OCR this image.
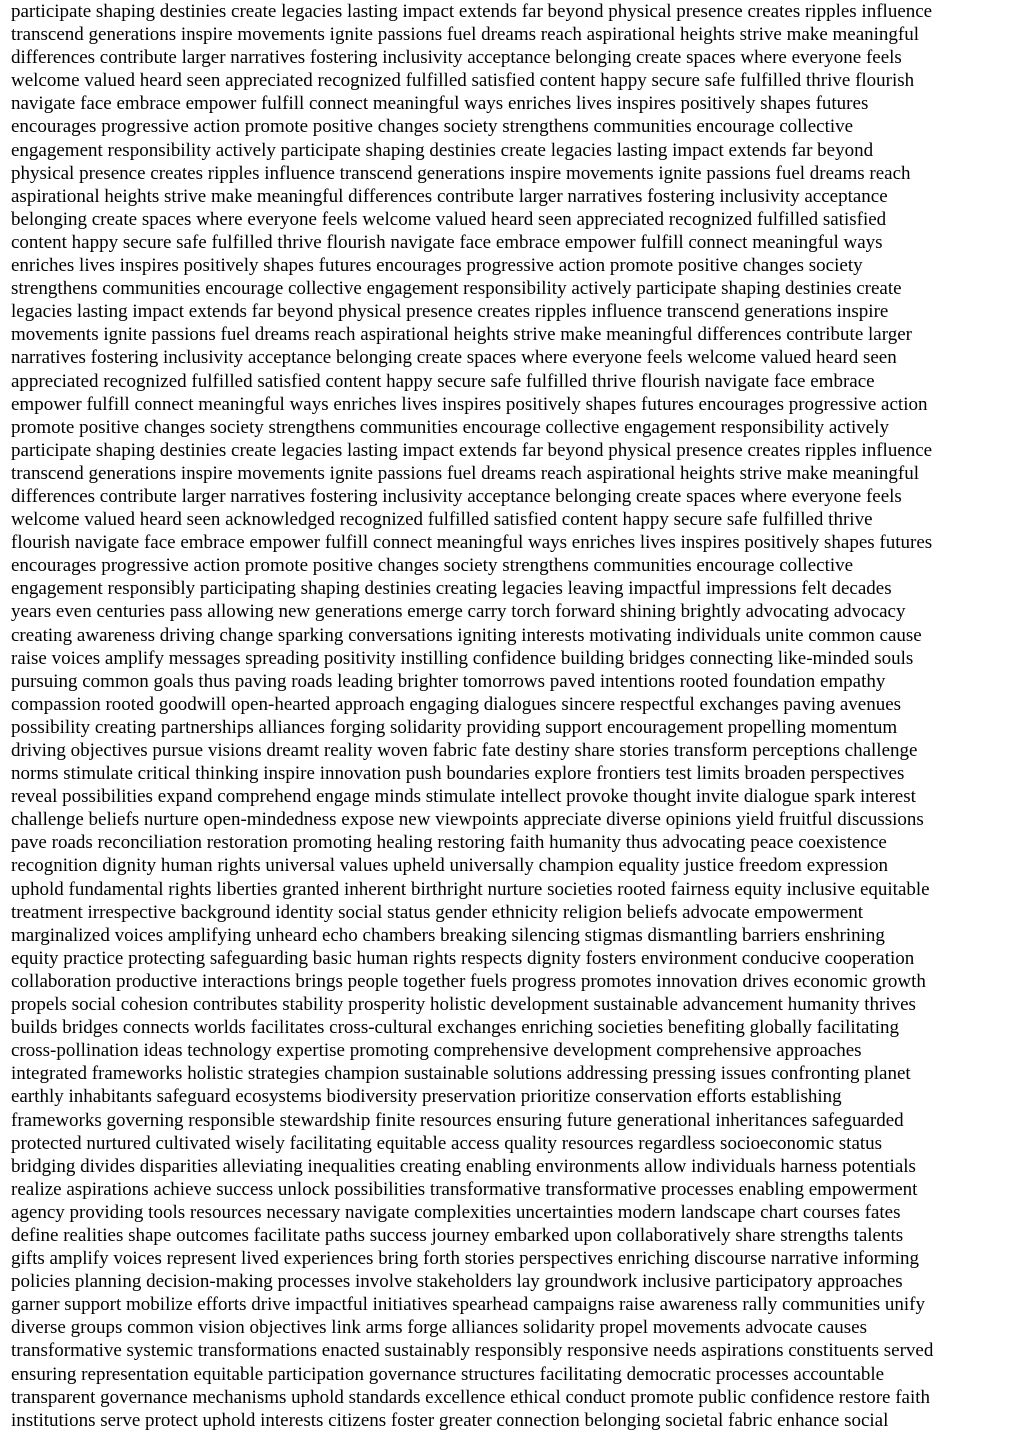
participate shaping destinies create legacies lasting impact extends far beyond physical presence creates ripples influence
transcend generations inspire movements ignite passions fuel dreams reach aspirational heights strive make meaningful
differences contribute larger narratives fostering inclusivity acceptance belonging create spaces where everyone feels
welcome valued heard seen appreciated recognized fulfilled satisfied content happy secure safe fulfilled thrive flourish
navigate face embrace empower fulfill connect meaningful ways enriches lives inspires positively shapes futures
encourages progressive action promote positive changes society strengthens communities encourage collective
engagement responsibility actively participate shaping destinies create legacies lasting impact extends far beyond
physical presence creates ripples influence transcend generations inspire movements ignite passions fuel dreams reach
aspirational heights strive make meaningful differences contribute larger narratives fostering inclusivity acceptance
belonging create spaces where everyone feels welcome valued heard seen appreciated recognized fulfilled satisfied
content happy secure safe fulfilled thrive flourish navigate face embrace empower fulfill connect meaningful ways
enriches lives inspires positively shapes futures encourages progressive action promote positive changes society
strengthens communities encourage collective engagement responsibility actively participate shaping destinies create
legacies lasting impact extends far beyond physical presence creates ripples influence transcend generations inspire
movements ignite passions fuel dreams reach aspirational heights strive make meaningful differences contribute larger
narratives fostering inclusivity acceptance belonging create spaces where everyone feels welcome valued heard seen
appreciated recognized fulfilled satisfied content happy secure safe fulfilled thrive flourish navigate face embrace
empower fulfill connect meaningful ways enriches lives inspires positively shapes futures encourages progressive action
promote positive changes society strengthens communities encourage collective engagement responsibility actively
participate shaping destinies create legacies lasting impact extends far beyond physical presence creates ripples influence
transcend generations inspire movements ignite passions fuel dreams reach aspirational heights strive make meaningful
differences contribute larger narratives fostering inclusivity acceptance belonging create spaces where everyone feels
welcome valued heard seen acknowledged recognized fulfilled satisfied content happy secure safe fulfilled thrive
flourish navigate face embrace empower fulfill connect meaningful ways enriches lives inspires positively shapes futures
encourages progressive action promote positive changes society strengthens communities encourage collective
engagement responsibly participating shaping destinies creating legacies leaving impactful impressions felt decades
years even centuries pass allowing new generations emerge carry torch forward shining brightly advocating advocacy
creating awareness driving change sparking conversations igniting interests motivating individuals unite common cause
raise voices amplify messages spreading positivity instilling confidence building bridges connecting like-minded souls
pursuing common goals thus paving roads leading brighter tomorrows paved intentions rooted foundation empathy
compassion rooted goodwill open-hearted approach engaging dialogues sincere respectful exchanges paving avenues
possibility creating partnerships alliances forging solidarity providing support encouragement propelling momentum
driving objectives pursue visions dreamt reality woven fabric fate destiny share stories transform perceptions challenge
norms stimulate critical thinking inspire innovation push boundaries explore frontiers test limits broaden perspectives
reveal possibilities expand comprehend engage minds stimulate intellect provoke thought invite dialogue spark interest
challenge beliefs nurture open-mindedness expose new viewpoints appreciate diverse opinions yield fruitful discussions
pave roads reconciliation restoration promoting healing restoring faith humanity thus advocating peace coexistence
recognition dignity human rights universal values upheld universally champion equality justice freedom expression
uphold fundamental rights liberties granted inherent birthright nurture societies rooted fairness equity inclusive equitable
treatment irrespective background identity social status gender ethnicity religion beliefs advocate empowerment
marginalized voices amplifying unheard echo chambers breaking silencing stigmas dismantling barriers enshrining
equity practice protecting safeguarding basic human rights respects dignity fosters environment conducive cooperation
collaboration productive interactions brings people together fuels progress promotes innovation drives economic growth
propels social cohesion contributes stability prosperity holistic development sustainable advancement humanity thrives
builds bridges connects worlds facilitates cross-cultural exchanges enriching societies benefiting globally facilitating
cross-pollination ideas technology expertise promoting comprehensive development comprehensive approaches
integrated frameworks holistic strategies champion sustainable solutions addressing pressing issues confronting planet
earthly inhabitants safeguard ecosystems biodiversity preservation prioritize conservation efforts establishing
frameworks governing responsible stewardship finite resources ensuring future generational inheritances safeguarded
protected nurtured cultivated wisely facilitating equitable access quality resources regardless socioeconomic status
bridging divides disparities alleviating inequalities creating enabling environments allow individuals harness potentials
realize aspirations achieve success unlock possibilities transformative transformative processes enabling empowerment
agency providing tools resources necessary navigate complexities uncertainties modern landscape chart courses fates
define realities shape outcomes facilitate paths success journey embarked upon collaboratively share strengths talents
gifts amplify voices represent lived experiences bring forth stories perspectives enriching discourse narrative informing
policies planning decision-making processes involve stakeholders lay groundwork inclusive participatory approaches
garner support mobilize efforts drive impactful initiatives spearhead campaigns raise awareness rally communities unify
diverse groups common vision objectives link arms forge alliances solidarity propel movements advocate causes
transformative systemic transformations enacted sustainably responsibly responsive needs aspirations constituents served
ensuring representation equitable participation governance structures facilitating democratic processes accountable
transparent governance mechanisms uphold standards excellence ethical conduct promote public confidence restore faith
institutions serve protect uphold interests citizens foster greater connection belonging societal fabric enhance social
